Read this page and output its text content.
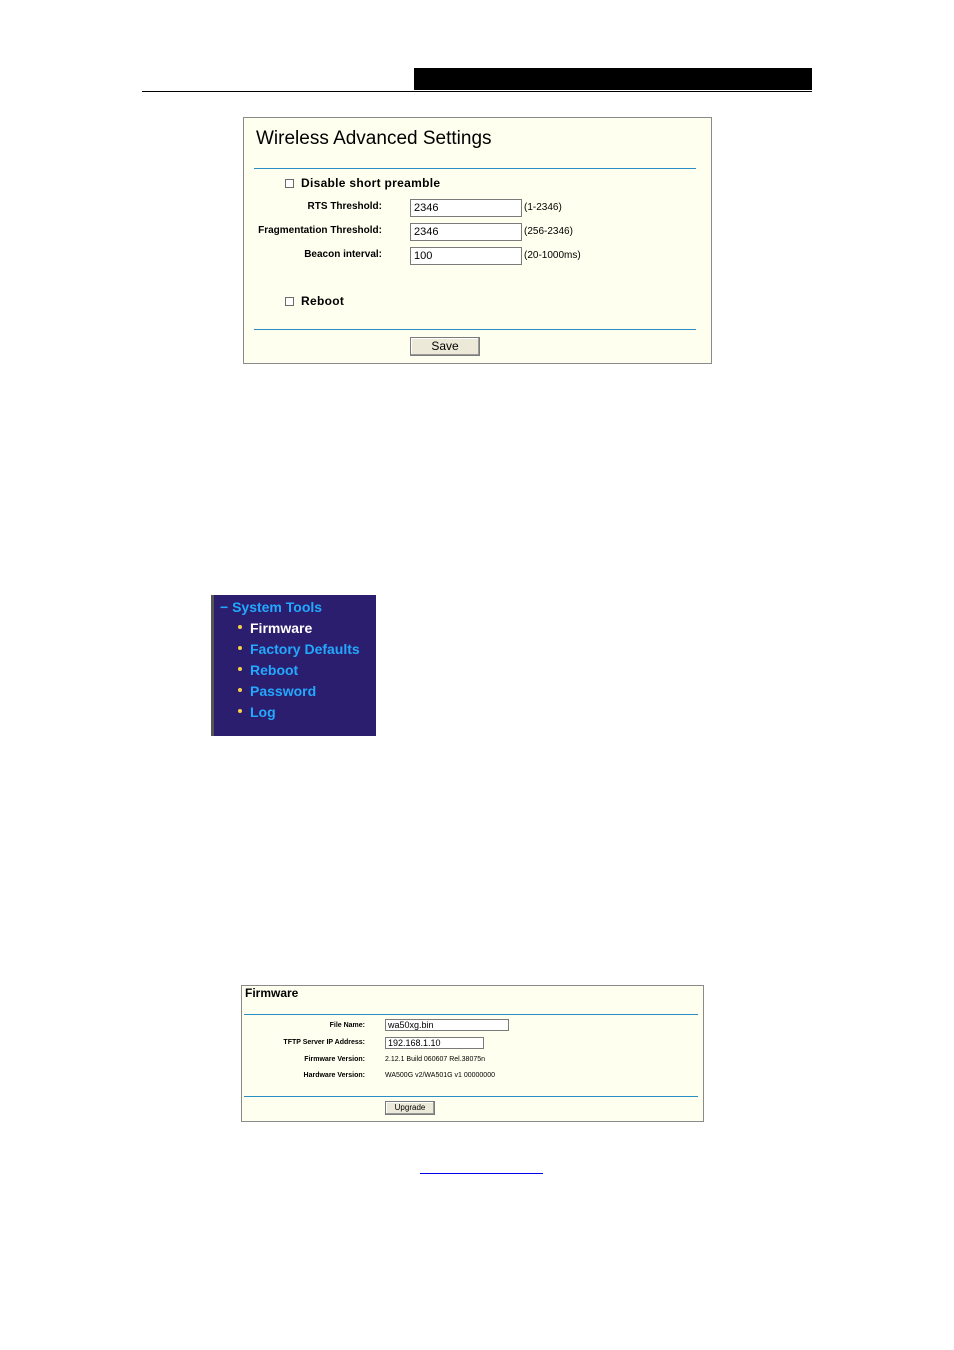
Wireless Advanced Settings
Disable short preamble
RTS Threshold:	2346	(1-2346)
Fragmentation Threshold:	2346	(256-2346)
Beacon interval:	100	(20-1000ms)
Reboot
Save
− System Tools
Firmware
Factory Defaults
Reboot
Password
Log
Firmware
File Name:	wa50xg.bin
TFTP Server IP Address:	192.168.1.10
Firmware Version:	2.12.1 Build 060607 Rel.38075n
Hardware Version:	WA500G v2/WA501G v1 00000000
Upgrade
